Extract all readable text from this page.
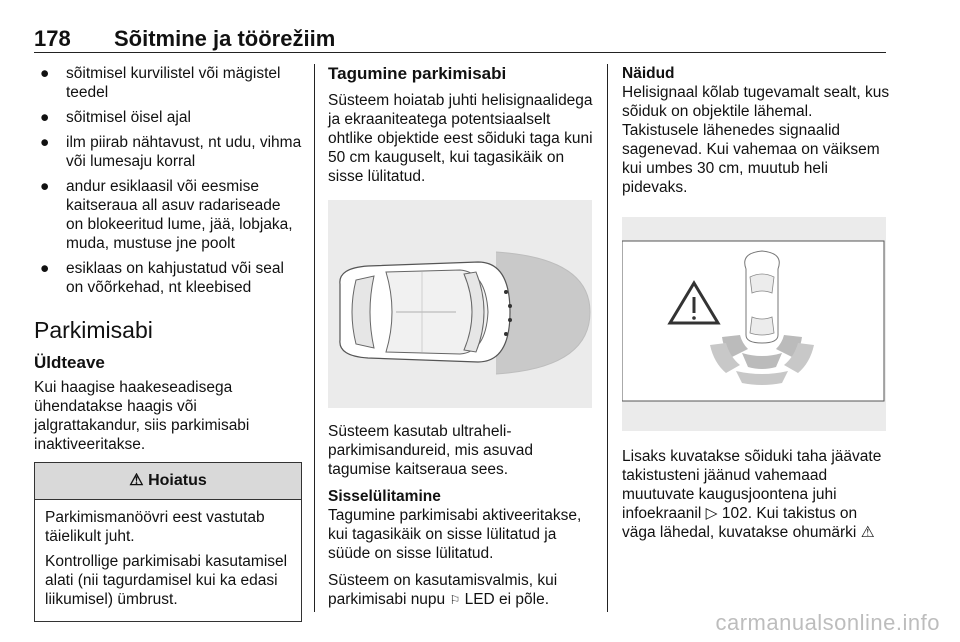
178 Sõitmine ja töörežiim
● sõitmisel kurvilistel või mägistel teedel
● sõitmisel öisel ajal
● ilm piirab nähtavust, nt udu, vihma või lumesaju korral
● andur esiklaasil või eesmise kaitseraua all asuv radariseade on blokeeritud lume, jää, lobjaka, muda, mustuse jne poolt
● esiklaas on kahjustatud või seal on võõrkehad, nt kleebised
Parkimisabi
Üldteave

Kui haagise haakeseadisega ühendatakse haagis või jalgrattakandur, siis parkimisabi inaktiveeritakse.

⚠ Hoiatus

Parkimismanöövri eest vastutab täielikult juht.

Kontrollige parkimisabi kasutamisel alati (nii tagurdamisel kui ka edasi liikumisel) ümbrust.

Tagumine parkimisabi

Süsteem hoiatab juhti helisignaalidega ja ekraaniteatega potentsiaalselt ohtlike objektide eest sõiduki taga kuni 50 cm kauguselt, kui tagasikäik on sisse lülitatud.

Süsteem kasutab ultraheli-parkimisandureid, mis asuvad tagumise kaitseraua sees.

Sisselülitamine

Tagumine parkimisabi aktiveeritakse, kui tagasikäik on sisse lülitatud ja süüde on sisse lülitatud.

Süsteem on kasutamisvalmis, kui parkimisabi nupu ⚐ LED ei põle.

Näidud

Helisignaal kõlab tugevamalt sealt, kus sõiduk on objektile lähemal. Takistusele lähenedes signaalid sagenevad. Kui vahemaa on väiksem kui umbes 30 cm, muutub heli pidevaks.

Lisaks kuvatakse sõiduki taha jäävate takistusteni jäänud vahemaad muutuvate kaugusjoontena juhi infoekraanil ▷ 102. Kui takistus on väga lähedal, kuvatakse ohumärki ⚠

carmanualsonline.info
